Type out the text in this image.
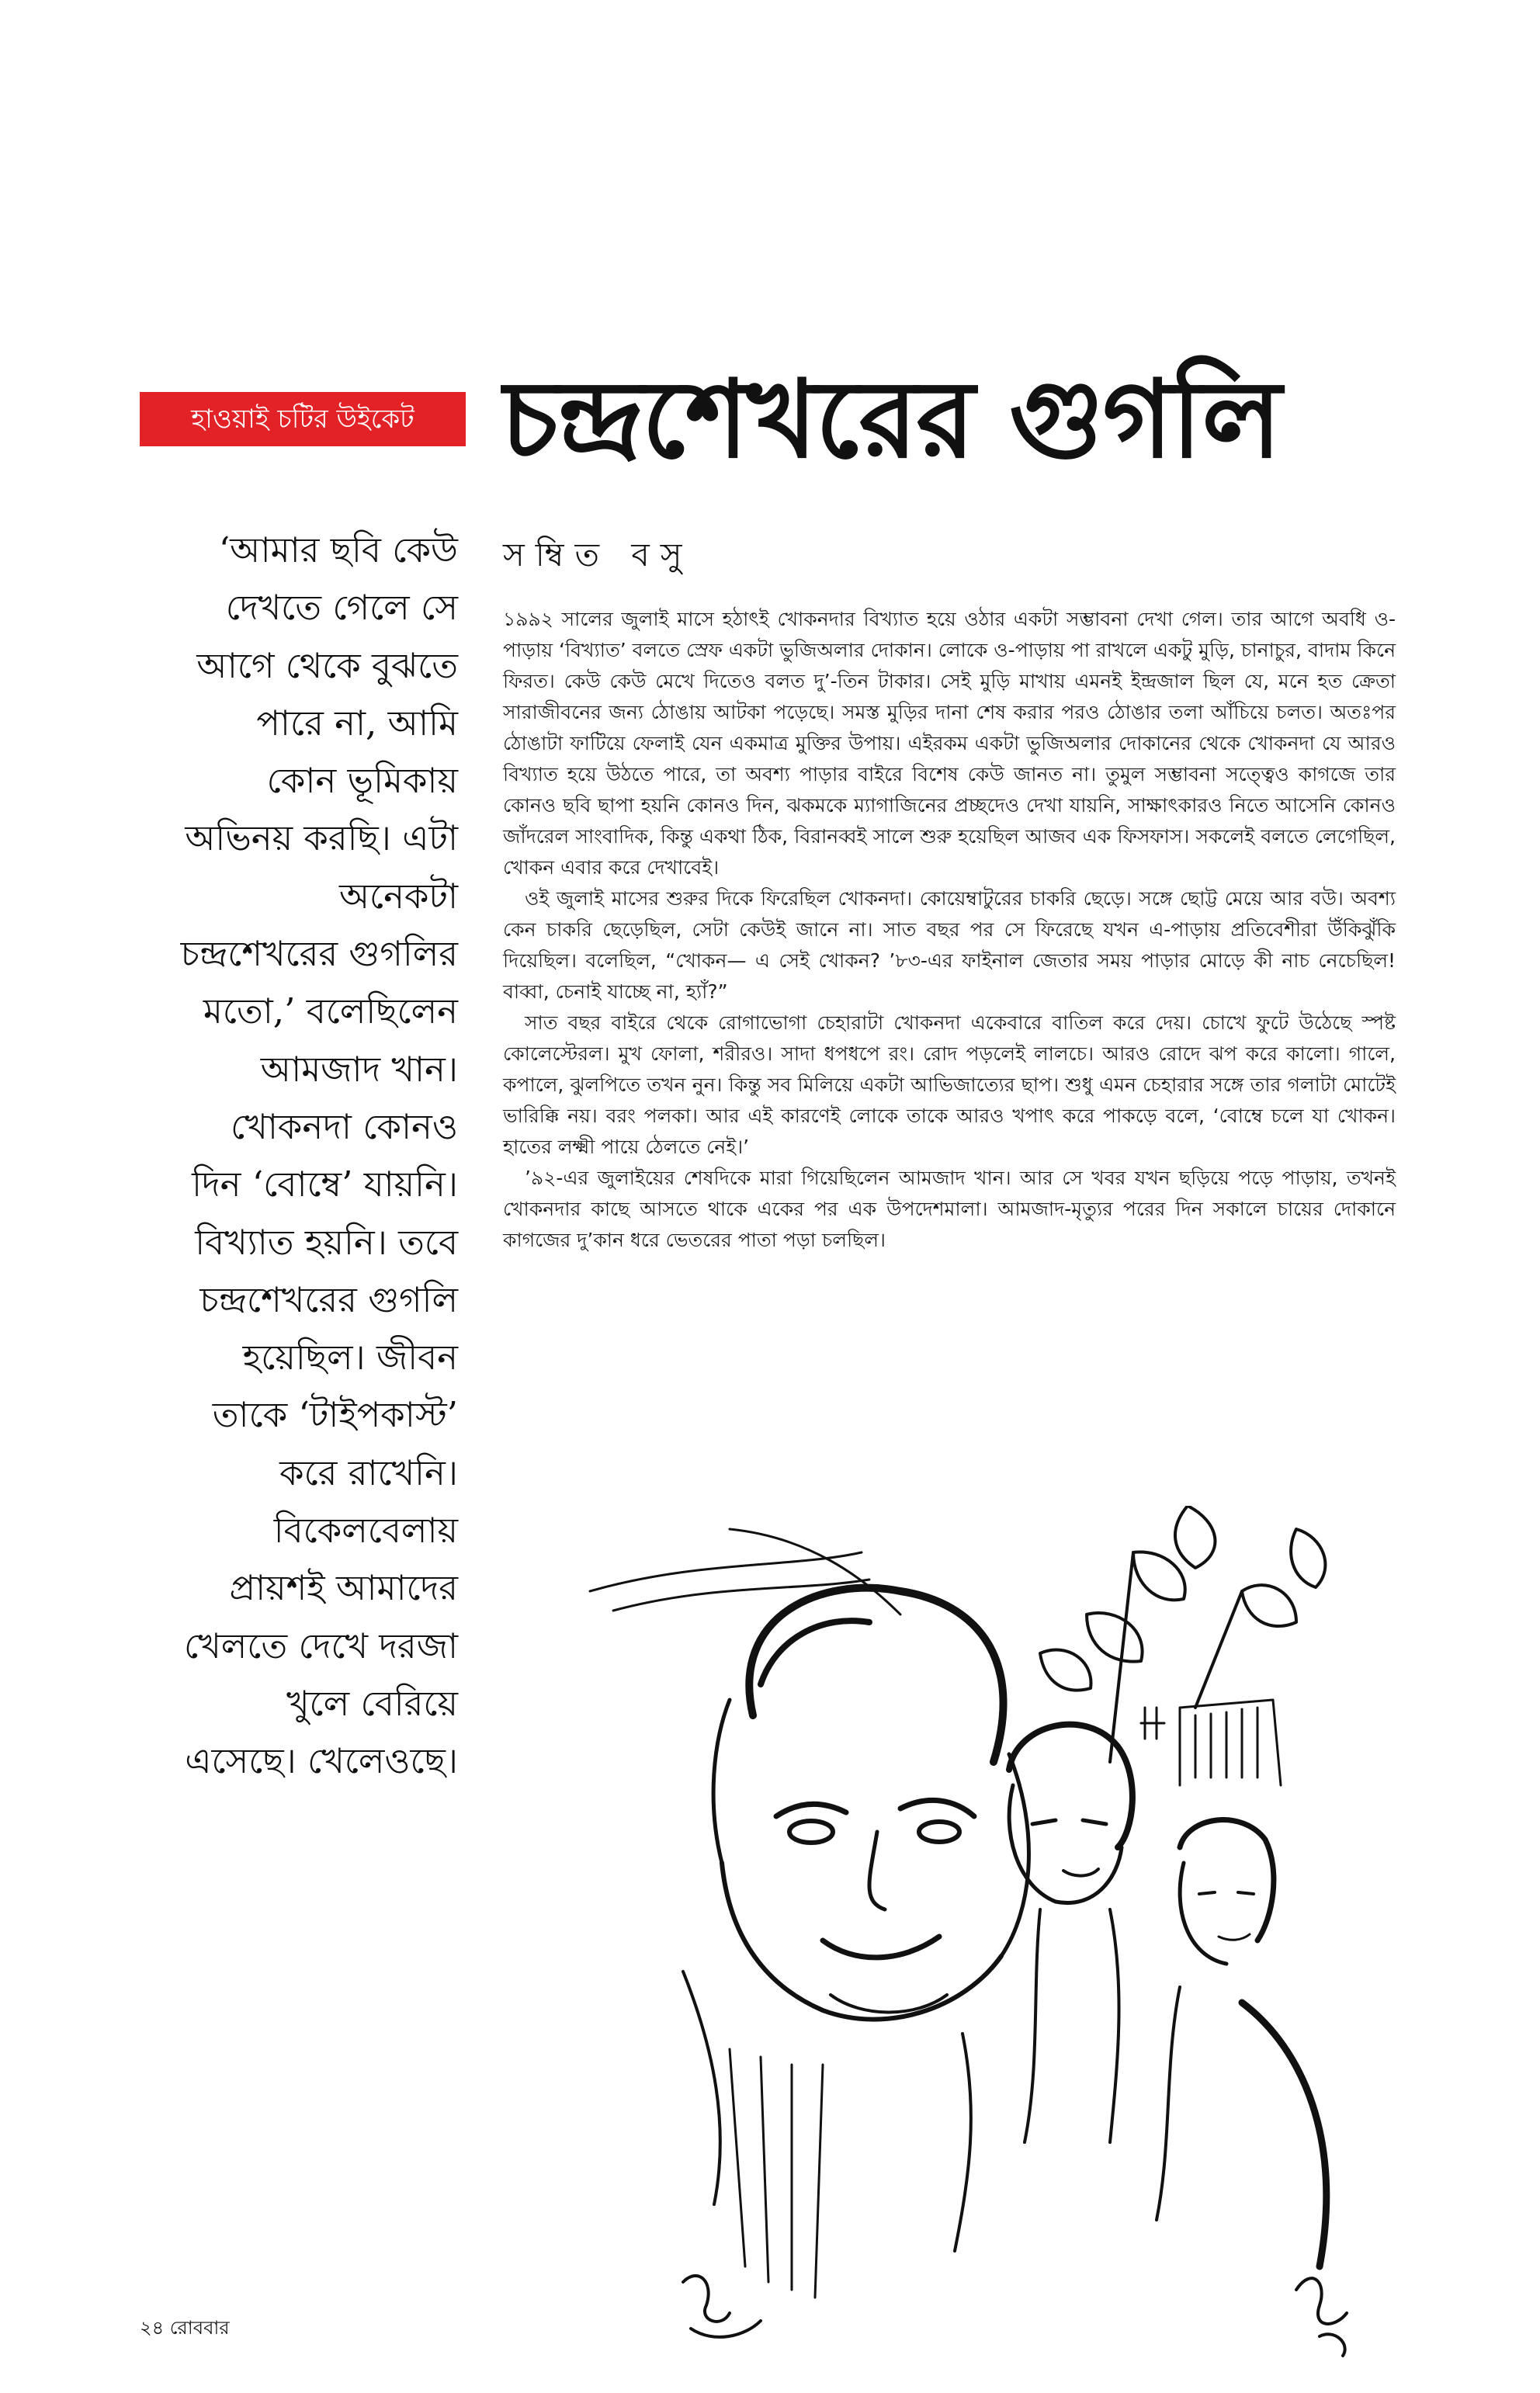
হাওয়াই চটির উইকেট চন্দ্রশেখরের গুগলি
সম্বিত বসু
‘আমার ছবি কেউ
দেখতে গেলে সে
আগে থেকে বুঝতে
পারে না, আমি
কোন ভূমিকায়
অভিনয় করছি। এটা
অনেকটা
চন্দ্রশেখরের গুগলির
মতো,’ বলেছিলেন
আমজাদ খান।
খোকনদা কোনও
দিন ‘বোম্বে’ যায়নি।
বিখ্যাত হয়নি। তবে
চন্দ্রশেখরের গুগলি
হয়েছিল। জীবন
তাকে ‘টাইপকাস্ট’
করে রাখেনি।
বিকেলবেলায়
প্রায়শই আমাদের
খেলতে দেখে দরজা
খুলে বেরিয়ে
এসেছে। খেলেওছে।

১৯৯২ সালের জুলাই মাসে হঠাৎই খোকনদার বিখ্যাত হয়ে ওঠার একটা সম্ভাবনা দেখা গেল। তার আগে অবধি ও-পাড়ায় ‘বিখ্যাত’ বলতে স্রেফ একটা ভুজিঅলার দোকান। লোকে ও-পাড়ায় পা রাখলে একটু মুড়ি, চানাচুর, বাদাম কিনে ফিরত। কেউ কেউ মেখে দিতেও বলত দু’-তিন টাকার। সেই মুড়ি মাখায় এমনই ইন্দ্রজাল ছিল যে, মনে হত ক্রেতা সারাজীবনের জন্য ঠোঙায় আটকা পড়েছে। সমস্ত মুড়ির দানা শেষ করার পরও ঠোঙার তলা আঁচিয়ে চলত। অতঃপর ঠোঙাটা ফাটিয়ে ফেলাই যেন একমাত্র মুক্তির উপায়। এইরকম একটা ভুজিঅলার দোকানের থেকে খোকনদা যে আরও বিখ্যাত হয়ে উঠতে পারে, তা অবশ্য পাড়ার বাইরে বিশেষ কেউ জানত না। তুমুল সম্ভাবনা সত্ত্বেও কাগজে তার কোনও ছবি ছাপা হয়নি কোনও দিন, ঝকমকে ম্যাগাজিনের প্রচ্ছদেও দেখা যায়নি, সাক্ষাৎকারও নিতে আসেনি কোনও জাঁদরেল সাংবাদিক, কিন্তু একথা ঠিক, বিরানব্বই সালে শুরু হয়েছিল আজব এক ফিসফাস। সকলেই বলতে লেগেছিল, খোকন এবার করে দেখাবেই।

ওই জুলাই মাসের শুরুর দিকে ফিরেছিল খোকনদা। কোয়েম্বাটুরের চাকরি ছেড়ে। সঙ্গে ছোট্ট মেয়ে আর বউ। অবশ্য কেন চাকরি ছেড়েছিল, সেটা কেউই জানে না। সাত বছর পর সে ফিরেছে যখন এ-পাড়ায় প্রতিবেশীরা উঁকিঝুঁকি দিয়েছিল। বলেছিল, “খোকন— এ সেই খোকন? ’৮৩-এর ফাইনাল জেতার সময় পাড়ার মোড়ে কী নাচ নেচেছিল! বাব্বা, চেনাই যাচ্ছে না, হ্যাঁ?”

সাত বছর বাইরে থেকে রোগাভোগা চেহারাটা খোকনদা একেবারে বাতিল করে দেয়। চোখে ফুটে উঠেছে স্পষ্ট কোলেস্টেরল। মুখ ফোলা, শরীরও। সাদা ধপধপে রং। রোদ পড়লেই লালচে। আরও রোদে ঝপ করে কালো। গালে, কপালে, ঝুলপিতে তখন নুন। কিন্তু সব মিলিয়ে একটা আভিজাত্যের ছাপ। শুধু এমন চেহারার সঙ্গে তার গলাটা মোটেই ভারিক্কি নয়। বরং পলকা। আর এই কারণেই লোকে তাকে আরও খপাৎ করে পাকড়ে বলে, ‘বোম্বে চলে যা খোকন। হাতের লক্ষ্মী পায়ে ঠেলতে নেই।’

’৯২-এর জুলাইয়ের শেষদিকে মারা গিয়েছিলেন আমজাদ খান। আর সে খবর যখন ছড়িয়ে পড়ে পাড়ায়, তখনই খোকনদার কাছে আসতে থাকে একের পর এক উপদেশমালা। আমজাদ-মৃত্যুর পরের দিন সকালে চায়ের দোকানে কাগজের দু’কান ধরে ভেতরের পাতা পড়া চলছিল।

২৪ রোববার
